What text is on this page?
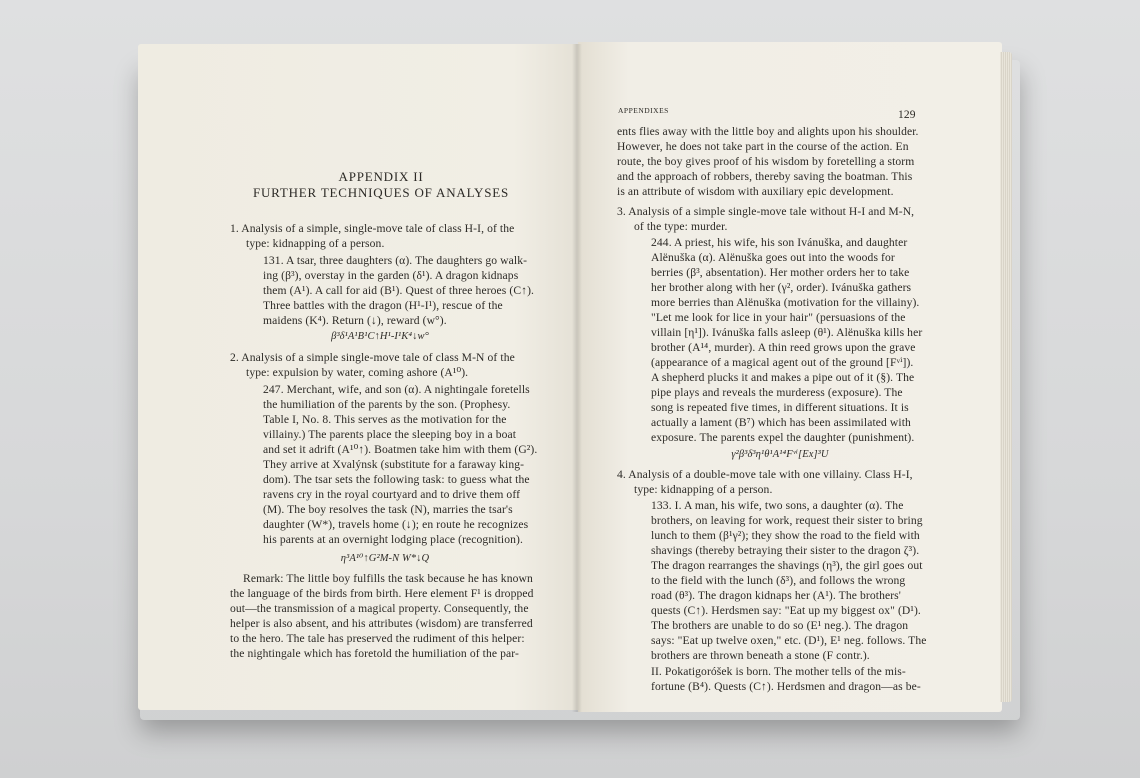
APPENDIX II
FURTHER TECHNIQUES OF ANALYSES
1. Analysis of a simple, single-move tale of class H-I, of the
type: kidnapping of a person.
131. A tsar, three daughters (α). The daughters go walk-
ing (β³), overstay in the garden (δ¹). A dragon kidnaps
them (A¹). A call for aid (B¹). Quest of three heroes (C↑).
Three battles with the dragon (H¹-I¹), rescue of the
maidens (K⁴). Return (↓), reward (w°).
β³δ¹A¹B¹C↑H¹-I¹K⁴↓w°
2. Analysis of a simple single-move tale of class M-N of the
type: expulsion by water, coming ashore (A¹⁰).
247. Merchant, wife, and son (α). A nightingale foretells
the humiliation of the parents by the son. (Prophesy.
Table I, No. 8. This serves as the motivation for the
villainy.) The parents place the sleeping boy in a boat
and set it adrift (A¹⁰↑). Boatmen take him with them (G²).
They arrive at Xvalýnsk (substitute for a faraway king-
dom). The tsar sets the following task: to guess what the
ravens cry in the royal courtyard and to drive them off
(M). The boy resolves the task (N), marries the tsar's
daughter (W*), travels home (↓); en route he recognizes
his parents at an overnight lodging place (recognition).
η³A¹⁰↑G²M-N W*↓Q
Remark: The little boy fulfills the task because he has known
the language of the birds from birth. Here element F¹ is dropped
out—the transmission of a magical property. Consequently, the
helper is also absent, and his attributes (wisdom) are transferred
to the hero. The tale has preserved the rudiment of this helper:
the nightingale which has foretold the humiliation of the par-
APPENDIXES	129
ents flies away with the little boy and alights upon his shoulder.
However, he does not take part in the course of the action. En
route, the boy gives proof of his wisdom by foretelling a storm
and the approach of robbers, thereby saving the boatman. This
is an attribute of wisdom with auxiliary epic development.
3. Analysis of a simple single-move tale without H-I and M-N,
of the type: murder.
244. A priest, his wife, his son Ivánuška, and daughter
Alënuška (α). Alënuška goes out into the woods for
berries (β³, absentation). Her mother orders her to take
her brother along with her (γ², order). Ivánuška gathers
more berries than Alënuška (motivation for the villainy).
"Let me look for lice in your hair" (persuasions of the
villain [η¹]). Ivánuška falls asleep (θ¹). Alënuška kills her
brother (A¹⁴, murder). A thin reed grows upon the grave
(appearance of a magical agent out of the ground [Fᵛⁱ]).
A shepherd plucks it and makes a pipe out of it (§). The
pipe plays and reveals the murderess (exposure). The
song is repeated five times, in different situations. It is
actually a lament (B⁷) which has been assimilated with
exposure. The parents expel the daughter (punishment).
γ²β³δ³η¹θ¹A¹⁴Fᵛⁱ[Ex]³U
4. Analysis of a double-move tale with one villainy. Class H-I,
type: kidnapping of a person.
133. I. A man, his wife, two sons, a daughter (α). The
brothers, on leaving for work, request their sister to bring
lunch to them (β¹γ²); they show the road to the field with
shavings (thereby betraying their sister to the dragon ζ³).
The dragon rearranges the shavings (η³), the girl goes out
to the field with the lunch (δ³), and follows the wrong
road (θ³). The dragon kidnaps her (A¹). The brothers'
quests (C↑). Herdsmen say: "Eat up my biggest ox" (D¹).
The brothers are unable to do so (E¹ neg.). The dragon
says: "Eat up twelve oxen," etc. (D¹), E¹ neg. follows. The
brothers are thrown beneath a stone (F contr.).
II. Pokatigoróšek is born. The mother tells of the mis-
fortune (B⁴). Quests (C↑). Herdsmen and dragon—as be-
